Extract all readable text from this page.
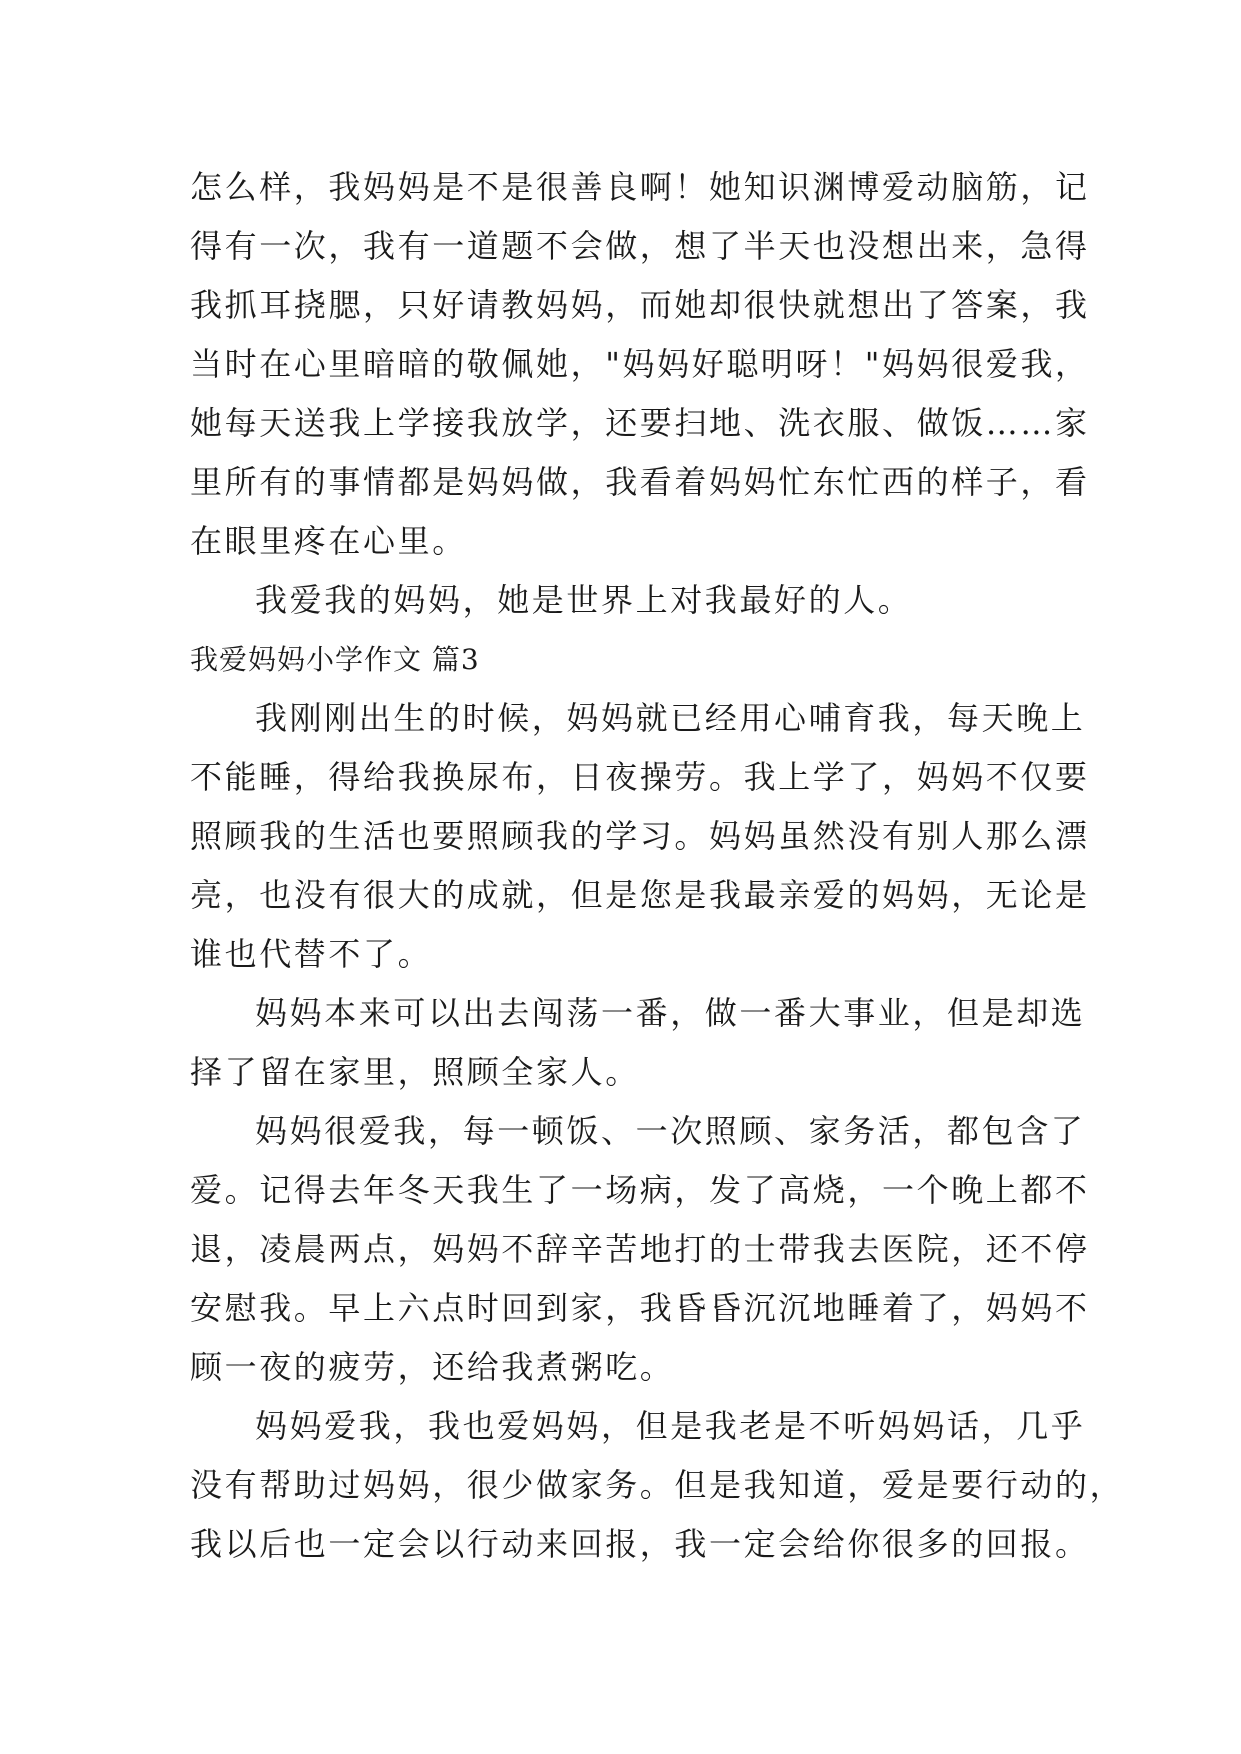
怎么样，我妈妈是不是很善良啊！她知识渊博爱动脑筋，记
得有一次，我有一道题不会做，想了半天也没想出来，急得
我抓耳挠腮，只好请教妈妈，而她却很快就想出了答案，我
当时在心里暗暗的敬佩她，"妈妈好聪明呀！"妈妈很爱我，
她每天送我上学接我放学，还要扫地、洗衣服、做饭……家
里所有的事情都是妈妈做，我看着妈妈忙东忙西的样子，看
在眼里疼在心里。
我爱我的妈妈，她是世界上对我最好的人。
我爱妈妈小学作文 篇3
我刚刚出生的时候，妈妈就已经用心哺育我，每天晚上
不能睡，得给我换尿布，日夜操劳。我上学了，妈妈不仅要
照顾我的生活也要照顾我的学习。妈妈虽然没有别人那么漂
亮，也没有很大的成就，但是您是我最亲爱的妈妈，无论是
谁也代替不了。
妈妈本来可以出去闯荡一番，做一番大事业，但是却选
择了留在家里，照顾全家人。
妈妈很爱我，每一顿饭、一次照顾、家务活，都包含了
爱。记得去年冬天我生了一场病，发了高烧，一个晚上都不
退，凌晨两点，妈妈不辞辛苦地打的士带我去医院，还不停
安慰我。早上六点时回到家，我昏昏沉沉地睡着了，妈妈不
顾一夜的疲劳，还给我煮粥吃。
妈妈爱我，我也爱妈妈，但是我老是不听妈妈话，几乎
没有帮助过妈妈，很少做家务。但是我知道，爱是要行动的，
我以后也一定会以行动来回报，我一定会给你很多的回报。
